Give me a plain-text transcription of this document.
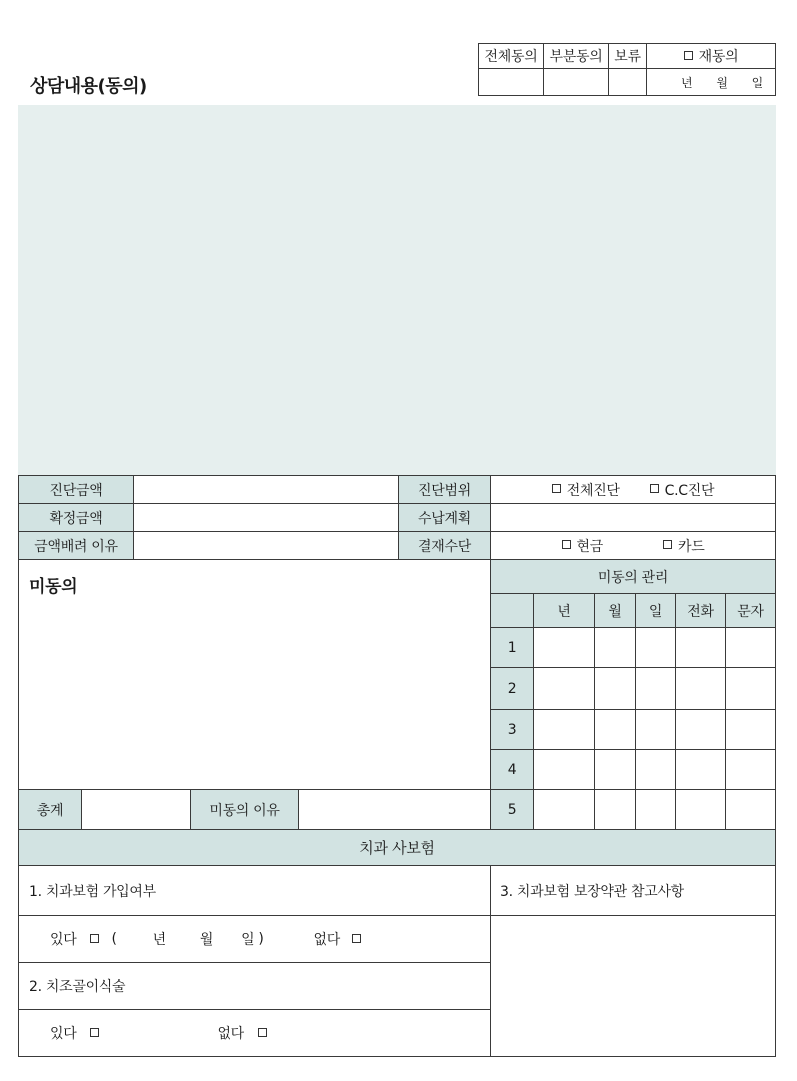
상담내용(동의)
전체동의 부분동의 보류	재동의
년 월 일
진단금액	진단범위	전체진단	C.C진단
확정금액	수납계획
금액배려 이유	결재수단	현금	카드
미동의
총계	미동의 이유
미동의 관리
년	월	일	전화	문자
1
2
3
4
5
치과 사보험
1. 치과보험 가입여부
있다	(	년 월 일 )	없다
2. 치조골이식술
있다	없다
3. 치과보험 보장약관 참고사항
